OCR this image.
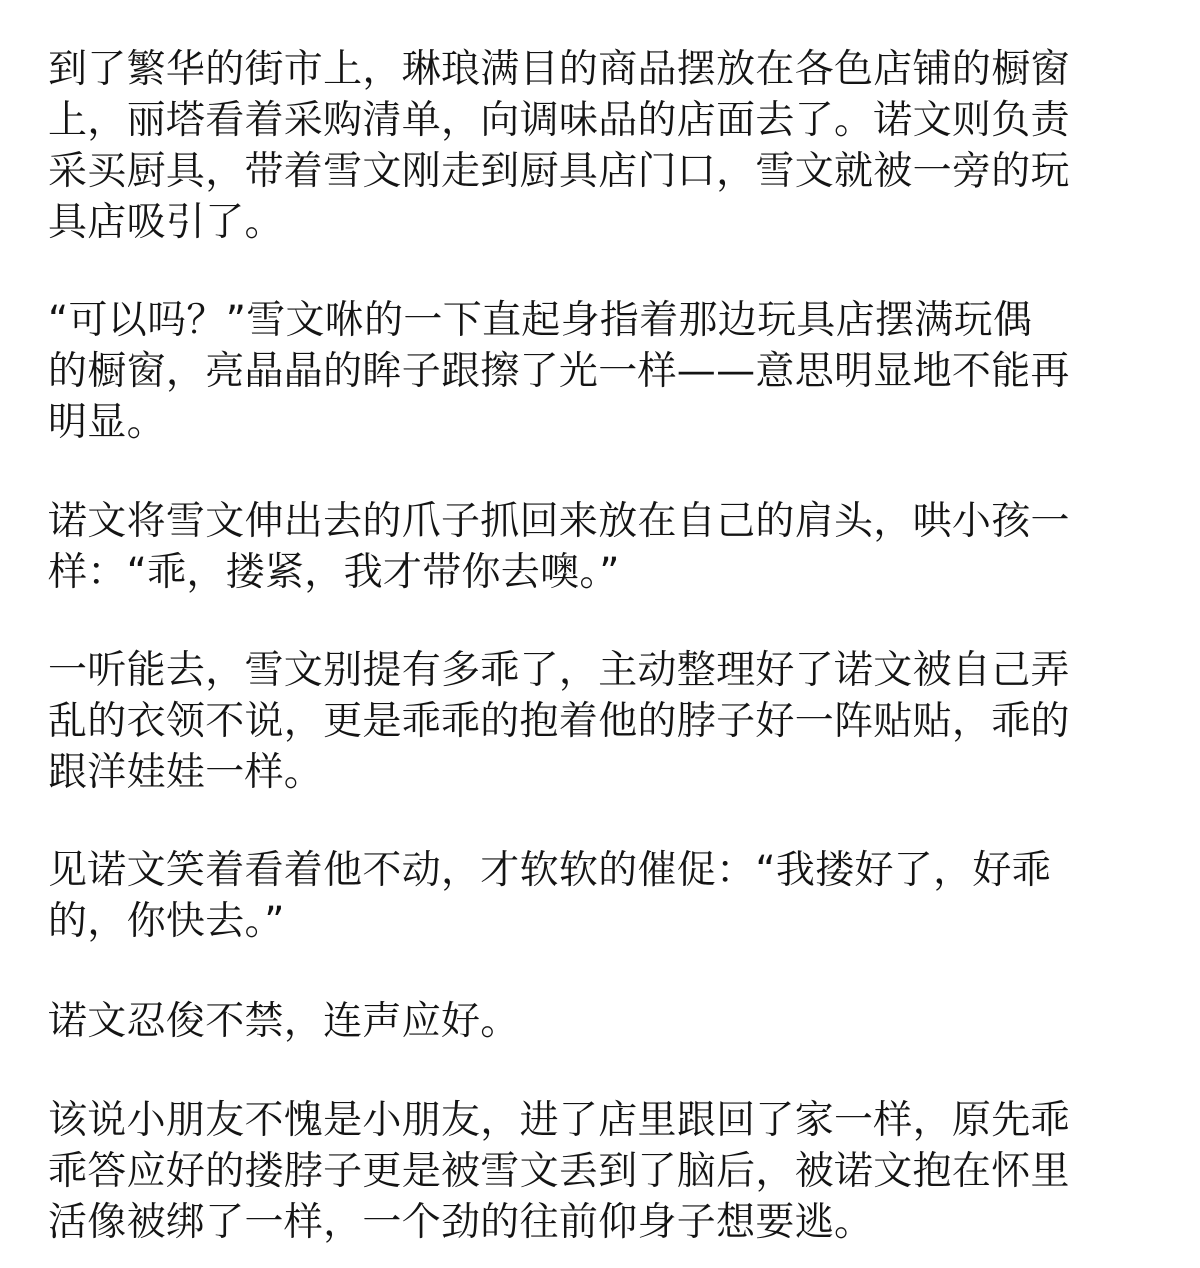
到了繁华的街市上，琳琅满目的商品摆放在各色店铺的橱窗
上，丽塔看着采购清单，向调味品的店面去了。诺文则负责
采买厨具，带着雪文刚走到厨具店门口，雪文就被一旁的玩
具店吸引了。
“可以吗？”雪文咻的一下直起身指着那边玩具店摆满玩偶
的橱窗，亮晶晶的眸子跟擦了光一样——意思明显地不能再
明显。
诺文将雪文伸出去的爪子抓回来放在自己的肩头，哄小孩一
样：“乖，搂紧，我才带你去噢。”
一听能去，雪文别提有多乖了，主动整理好了诺文被自己弄
乱的衣领不说，更是乖乖的抱着他的脖子好一阵贴贴，乖的
跟洋娃娃一样。
见诺文笑着看着他不动，才软软的催促：“我搂好了，好乖
的，你快去。”
诺文忍俊不禁，连声应好。
该说小朋友不愧是小朋友，进了店里跟回了家一样，原先乖
乖答应好的搂脖子更是被雪文丢到了脑后，被诺文抱在怀里
活像被绑了一样，一个劲的往前仰身子想要逃。
